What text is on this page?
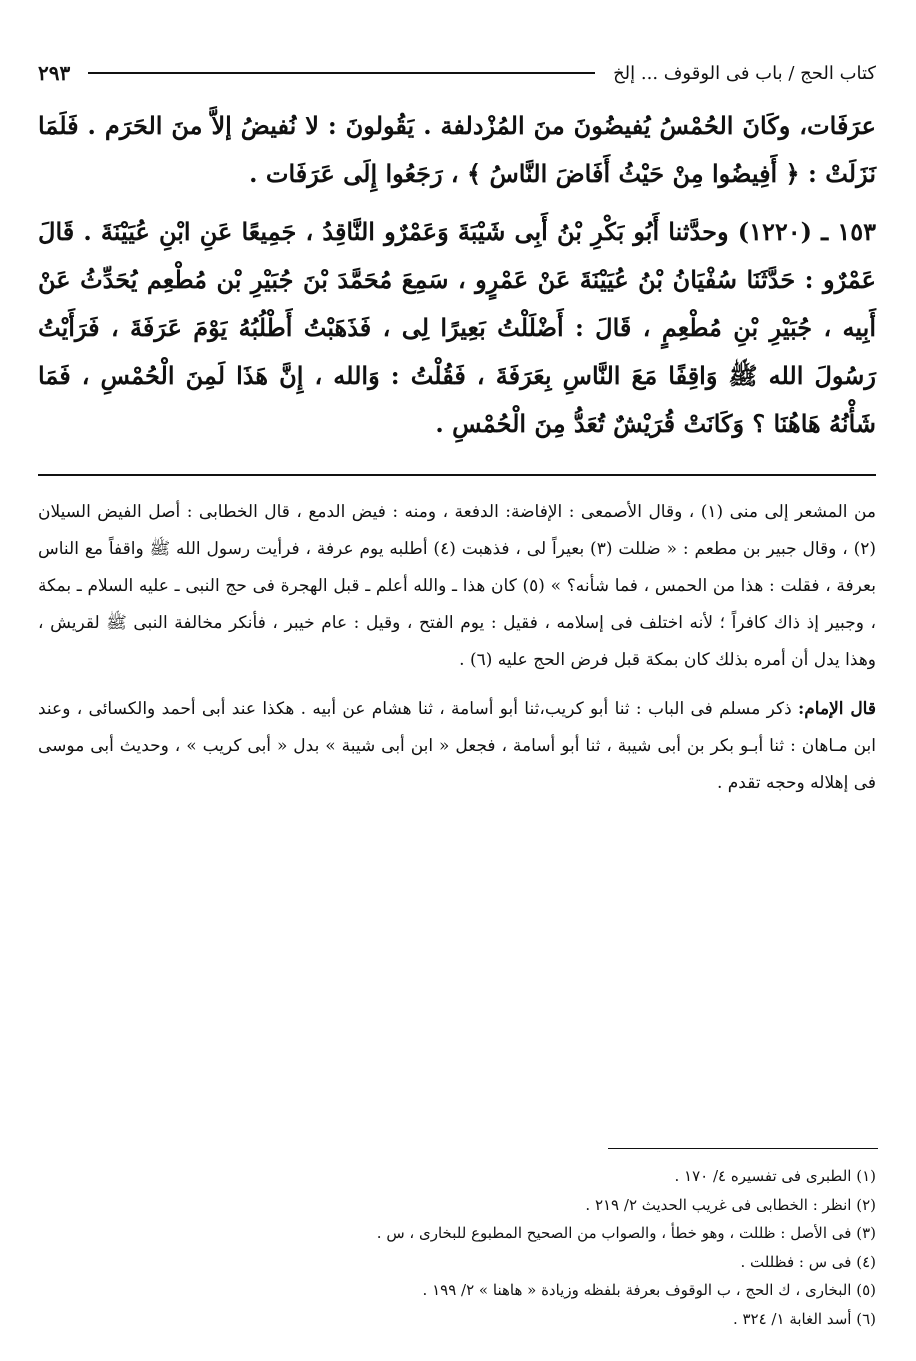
كتاب الحج / باب فى الوقوف ... إلخ
٢٩٣

عرَفَات، وكَانَ الحُمْسُ يُفيضُونَ منَ المُزْدلفة . يَقُولونَ : لا نُفيضُ إلاَّ منَ الحَرَم . فَلَمَا نَزَلَتْ : ﴿ أَفِيضُوا مِنْ حَيْثُ أَفَاضَ النَّاسُ ﴾ ، رَجَعُوا إِلَى عَرَفَات .

١٥٣ ـ (١٢٢٠) وحدَّثنا أَبُو بَكْرِ بْنُ أَبِى شَيْبَةَ وَعَمْرٌو النَّاقِدُ ، جَمِيعًا عَنِ ابْنِ عُيَيْنَةَ . قَالَ عَمْرٌو : حَدَّثَنَا سُفْيَانُ بْنُ عُيَيْنَةَ عَنْ عَمْرٍو ، سَمِعَ مُحَمَّدَ بْنَ جُبَيْرِ بْن مُطْعِم يُحَدِّثُ عَنْ أَبِيه ، جُبَيْرِ بْنِ مُطْعِمٍ ، قَالَ : أَضْلَلْتُ بَعِيرًا لِى ، فَذَهَبْتُ أَطْلُبُهُ يَوْمَ عَرَفَةَ ، فَرَأَيْتُ رَسُولَ الله ﷺ وَاقِفًا مَعَ النَّاسِ بِعَرَفَةَ ، فَقُلْتُ : وَالله ، إِنَّ هَذَا لَمِنَ الْحُمْسِ ، فَمَا شَأْنُهُ هَاهُنَا ؟ وَكَانَتْ قُرَيْشٌ تُعَدُّ مِنَ الْحُمْسِ .

من المشعر إلى منى (١) ، وقال الأصمعى : الإفاضة: الدفعة ، ومنه : فيض الدمع ، قال الخطابى : أصل الفيض السيلان (٢) ، وقال جبير بن مطعم : « ضللت (٣) بعيراً لى ، فذهبت (٤) أطلبه يوم عرفة ، فرأيت رسول الله ﷺ واقفاً مع الناس بعرفة ، فقلت : هذا من الحمس ، فما شأنه؟ » (٥) كان هذا ـ والله أعلم ـ قبل الهجرة فى حج النبى ـ عليه السلام ـ بمكة ، وجبير إذ ذاك كافراً ؛ لأنه اختلف فى إسلامه ، فقيل : يوم الفتح ، وقيل : عام خيبر ، فأنكر مخالفة النبى ﷺ لقريش ، وهذا يدل أن أمره بذلك كان بمكة قبل فرض الحج عليه (٦) .

قال الإمام: ذكر مسلم فى الباب : ثنا أبو كريب،ثنا أبو أسامة ، ثنا هشام عن أبيه . هكذا عند أبى أحمد والكسائى ، وعند ابن مـاهان : ثنا أبـو بكر بن أبى شيبة ، ثنا أبو أسامة ، فجعل « ابن أبى شيبة » بدل « أبى كريب » ، وحديث أبى موسى فى إهلاله وحجه تقدم .

(١) الطبرى فى تفسيره ٤/ ١٧٠ .
(٢) انظر : الخطابى فى غريب الحديث ٢/ ٢١٩ .
(٣) فى الأصل : ظللت ، وهو خطأ ، والصواب من الصحيح المطبوع للبخارى ، س .
(٤) فى س : فظللت .
(٥) البخارى ، ك الحج ، ب الوقوف بعرفة بلفظه وزيادة « هاهنا » ٢/ ١٩٩ .
(٦) أسد الغابة ١/ ٣٢٤ .
